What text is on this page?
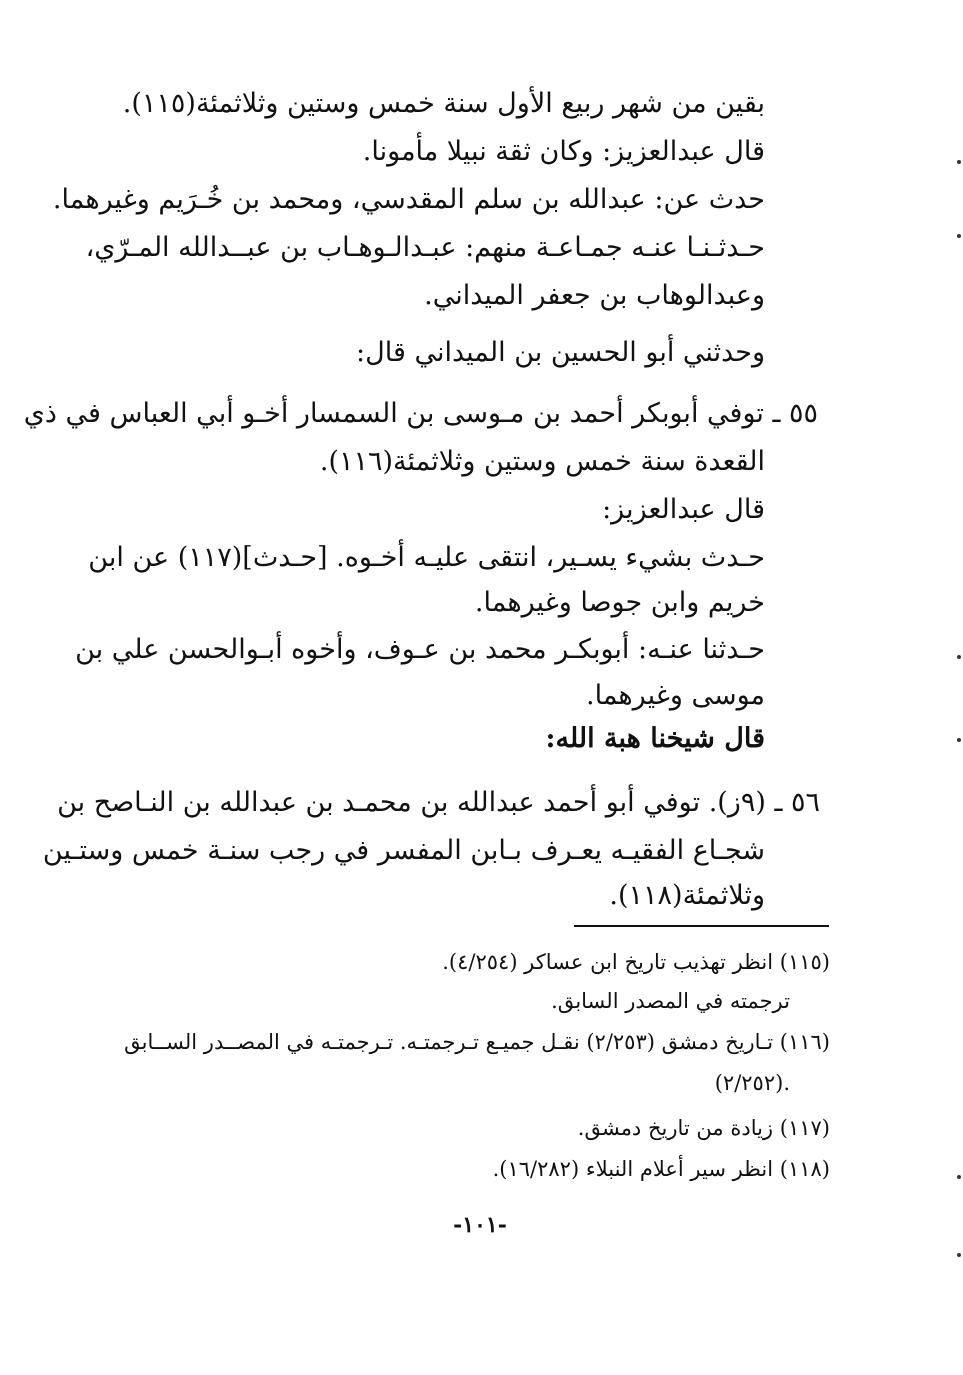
بقين من شهر ربيع الأول سنة خمس وستين وثلاثمئة(١١٥).
قال عبدالعزيز: وكان ثقة نبيلا مأمونا.
حدث عن: عبدالله بن سلم المقدسي، ومحمد بن خُـرَيم وغيرهما.
حـدثـنـا عنـه جمـاعـة منهم: عبـدالـوهـاب بن عبــدالله المـرّي،
وعبدالوهاب بن جعفر الميداني.
وحدثني أبو الحسين بن الميداني قال:
٥٥ ـ توفي أبوبكر أحمد بن مـوسى بن السمسار أخـو أبي العباس في ذي
القعدة سنة خمس وستين وثلاثمئة(١١٦).
قال عبدالعزيز:
حـدث بشيء يسـير، انتقى عليـه أخـوه. [حـدث](١١٧) عن ابن
خريم وابن جوصا وغيرهما.
حـدثنا عنـه: أبوبكـر محمد بن عـوف، وأخوه أبـوالحسن علي بن
موسى وغيرهما.
قال شيخنا هبة الله:
٥٦ ـ (٩ز). توفي أبو أحمد عبدالله بن محمـد بن عبدالله بن النـاصح بن
شجـاع الفقيـه يعـرف بـابن المفسر في رجب سنـة خمس وستـين
وثلاثمئة(١١٨).
(١١٥) انظر تهذيب تاريخ ابن عساكر (٤/٢٥٤).
ترجمته في المصدر السابق.
(١١٦) تـاريخ دمشق (٢/٢٥٣) نقـل جميـع تـرجمتـه. تـرجمتـه في المصــدر الســابق
(٢/٢٥٢).
(١١٧) زيادة من تاريخ دمشق.
(١١٨) انظر سير أعلام النبلاء (١٦/٢٨٢).
-١٠١-
